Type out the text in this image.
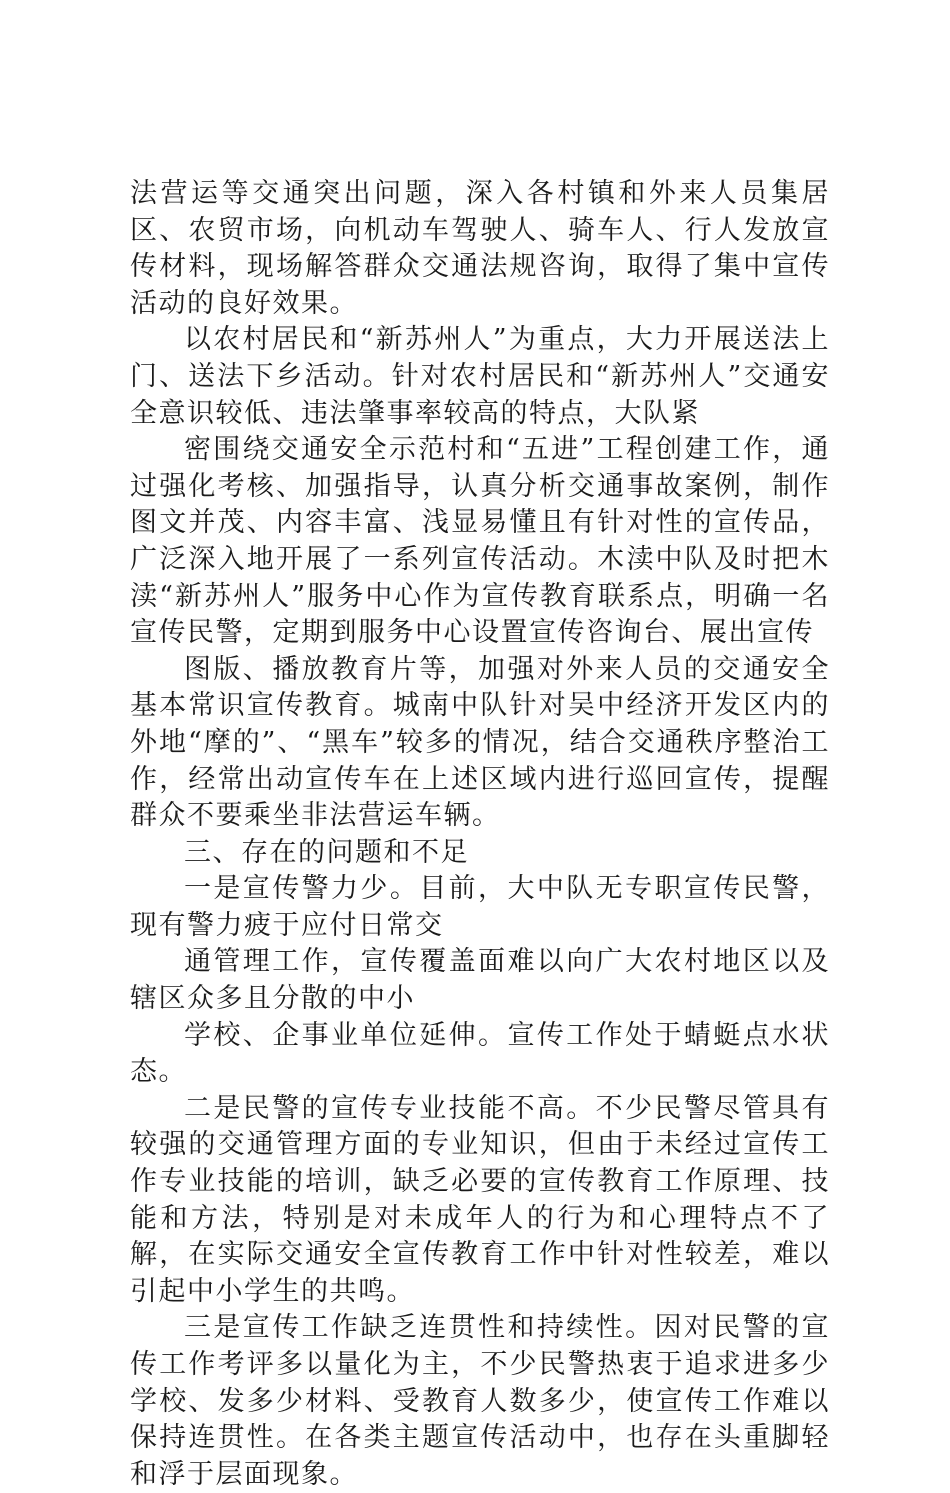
法营运等交通突出问题，深入各村镇和外来人员集居区、农贸市场，向机动车驾驶人、骑车人、行人发放宣传材料，现场解答群众交通法规咨询，取得了集中宣传活动的良好效果。

以农村居民和“新苏州人”为重点，大力开展送法上门、送法下乡活动。针对农村居民和“新苏州人”交通安全意识较低、违法肇事率较高的特点，大队紧

密围绕交通安全示范村和“五进”工程创建工作，通过强化考核、加强指导，认真分析交通事故案例，制作图文并茂、内容丰富、浅显易懂且有针对性的宣传品，广泛深入地开展了一系列宣传活动。木渎中队及时把木渎“新苏州人”服务中心作为宣传教育联系点，明确一名宣传民警，定期到服务中心设置宣传咨询台、展出宣传

图版、播放教育片等，加强对外来人员的交通安全基本常识宣传教育。城南中队针对吴中经济开发区内的外地“摩的”、“黑车”较多的情况，结合交通秩序整治工作，经常出动宣传车在上述区域内进行巡回宣传，提醒群众不要乘坐非法营运车辆。

三、存在的问题和不足

一是宣传警力少。目前，大中队无专职宣传民警，现有警力疲于应付日常交

通管理工作，宣传覆盖面难以向广大农村地区以及辖区众多且分散的中小

学校、企事业单位延伸。宣传工作处于蜻蜓点水状态。

二是民警的宣传专业技能不高。不少民警尽管具有较强的交通管理方面的专业知识，但由于未经过宣传工作专业技能的培训，缺乏必要的宣传教育工作原理、技能和方法，特别是对未成年人的行为和心理特点不了解，在实际交通安全宣传教育工作中针对性较差，难以引起中小学生的共鸣。

三是宣传工作缺乏连贯性和持续性。因对民警的宣传工作考评多以量化为主，不少民警热衷于追求进多少学校、发多少材料、受教育人数多少，使宣传工作难以保持连贯性。在各类主题宣传活动中，也存在头重脚轻和浮于层面现象。
